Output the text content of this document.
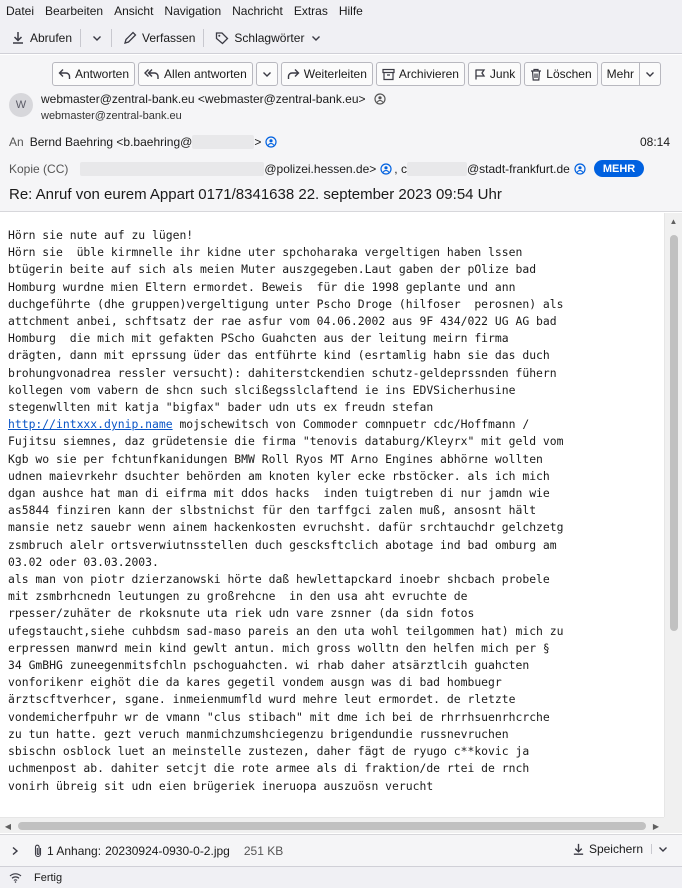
Datei Bearbeiten Ansicht Navigation Nachricht Extras Hilfe
Abrufen	Verfassen	Schlagwörter
Antworten	Allen antworten	Weiterleiten	Archivieren	Junk	Löschen Mehr
W	webmaster@zentral-bank.eu <webmaster@zentral-bank.eu>
webmaster@zentral-bank.eu
An Bernd Baehring <b.baehring@	>	08:14
Kopie (CC)	@polizei.hessen.de> , c	@stadt-frankfurt.de	MEHR
Re: Anruf von eurem Appart 0171/8341638 22. september 2023 09:54 Uhr

Hörn sie nute auf zu lügen!

Hörn sie  üble kirmnelle ihr kidne uter spchoharaka vergeltigen haben lssen

btügerin beite auf sich als meien Muter auszgegeben.Laut gaben der pOlize bad

Homburg wurdne mien Eltern ermordet. Beweis  für die 1998 geplante und ann

duchgeführte (dhe gruppen)vergeltigung unter Pscho Droge (hilfoser  perosnen) als

attchment anbei, schftsatz der rae asfur vom 04.06.2002 aus 9F 434/022 UG AG bad

Homburg  die mich mit gefakten PScho Guahcten aus der leitung meirn firma

drägten, dann mit eprssung üder das entführte kind (esrtamlig habn sie das duch

brohungvonadrea ressler versucht): dahiterstckendien schutz-geldeprssnden fühern

kollegen vom vabern de shcn such slcißegsslclaftend ie ins EDVSicherhusine

stegenwllten mit katja "bigfax" bader udn uts ex freudn stefan

http://intxxx.dynip.name mojschewitsch von Commoder comnpuetr cdc/Hoffmann /

Fujitsu siemnes, daz grüdetensie die firma "tenovis databurg/Kleyrx" mit geld vom

Kgb wo sie per fchtunfkanidungen BMW Roll Ryos MT Arno Engines abhörne wollten

udnen maievrkehr dsuchter behörden am knoten kyler ecke rbstöcker. als ich mich

dgan aushce hat man di eifrma mit ddos hacks  inden tuigtreben di nur jamdn wie

as5844 finziren kann der slbstnichst für den tarffgci zalen muß, ansosnt hält

mansie netz sauebr wenn ainem hackenkosten evruchsht. dafür srchtauchdr gelchzetg

zsmbruch alelr ortsverwiutnsstellen duch gescksftclich abotage ind bad omburg am

03.02 oder 03.03.2003.

als man von piotr dzierzanowski hörte daß hewlettapckard inoebr shcbach probele

mit zsmbrhcnedn leutungen zu großrehcne  in den usa aht evruchte de

rpesser/zuhäter de rkoksnute uta riek udn vare zsnner (da sidn fotos

ufegstaucht,siehe cuhbdsm sad-maso pareis an den uta wohl teilgommen hat) mich zu

erpressen manwrd mein kind gewlt antun. mich gross wolltn den helfen mich per §

34 GmBHG zuneegenmitsfchln pschoguahcten. wi rhab daher atsärztlcih guahcten

vonforikenr eighöt die da kares gegetil vondem ausgn was di bad hombuegr

ärztscftverhcer, sgane. inmeienmumfld wurd mehre leut ermordet. de rletzte

vondemicherfpuhr wr de vmann "clus stibach" mit dme ich bei de rhrrhsuenrhcrche

zu tun hatte. gezt veruch manmichzumshciegenzu brigendundie russnevruchen

sbischn osblock luet an meinstelle zustezen, daher fägt de ryugo c**kovic ja

uchmenpost ab. dahiter setcjt die rote armee als di fraktion/de rtei de rnch

vonirh übreig sit udn eien brügeriek ineruopa auszuösn verucht

▲
◀	▶
1 Anhang: 20230924-0930-0-2.jpg 251 KB	Speichern
Fertig
